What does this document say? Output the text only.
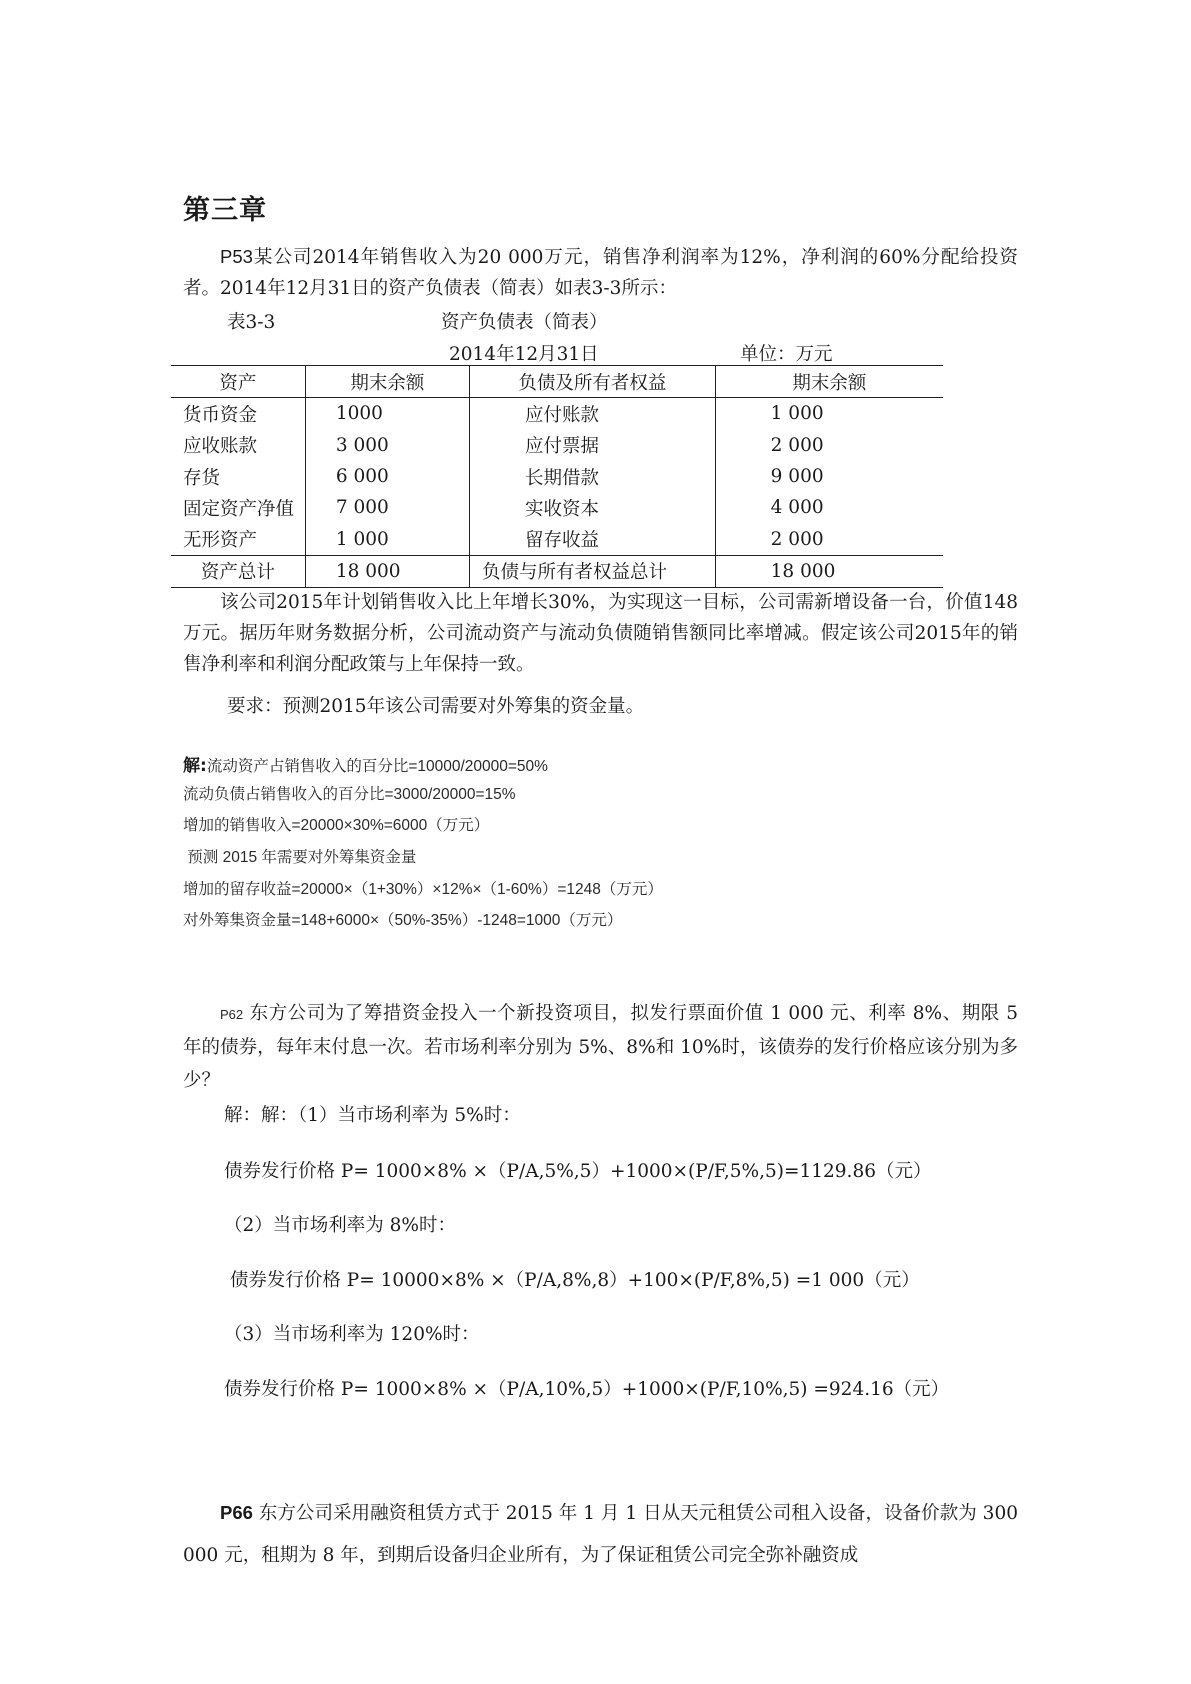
第三章
P53某公司2014年销售收入为20 000万元，销售净利润率为12%，净利润的60%分配给投资者。2014年12月31日的资产负债表（简表）如表3-3所示：
表3-3	资产负债表（简表）
2014年12月31日	单位：万元
资产	期末余额	负债及所有者权益	期末余额
货币资金	1000	应付账款	1 000
应收账款	3 000	应付票据	2 000
存货	6 000	长期借款	9 000
固定资产净值	7 000	实收资本	4 000
无形资产	1 000	留存收益	2 000
资产总计	18 000	负债与所有者权益总计	18 000
该公司2015年计划销售收入比上年增长30%，为实现这一目标，公司需新增设备一台，价值148万元。据历年财务数据分析，公司流动资产与流动负债随销售额同比率增减。假定该公司2015年的销售净利率和利润分配政策与上年保持一致。
要求：预测2015年该公司需要对外筹集的资金量。
解:流动资产占销售收入的百分比=10000/20000=50%
流动负债占销售收入的百分比=3000/20000=15%
增加的销售收入=20000×30%=6000（万元）
预测 2015 年需要对外筹集资金量
增加的留存收益=20000×（1+30%）×12%×（1-60%）=1248（万元）
对外筹集资金量=148+6000×（50%-35%）-1248=1000（万元）
P62 东方公司为了筹措资金投入一个新投资项目，拟发行票面价值 1 000 元、利率 8%、期限 5 年的债券，每年末付息一次。若市场利率分别为 5%、8%和 10%时，该债券的发行价格应该分别为多少？
解：解：（1）当市场利率为 5%时：
债券发行价格 P= 1000×8% ×（P/A,5%,5）+1000×(P/F,5%,5)=1129.86（元）
（2）当市场利率为 8%时：
债券发行价格 P= 10000×8% ×（P/A,8%,8）+100×(P/F,8%,5) =1 000（元）
（3）当市场利率为 120%时：
债券发行价格 P= 1000×8% ×（P/A,10%,5）+1000×(P/F,10%,5) =924.16（元）
P66 东方公司采用融资租赁方式于 2015 年 1 月 1 日从天元租赁公司租入设备，设备价款为 300 000 元，租期为 8 年，到期后设备归企业所有，为了保证租赁公司完全弥补融资成
